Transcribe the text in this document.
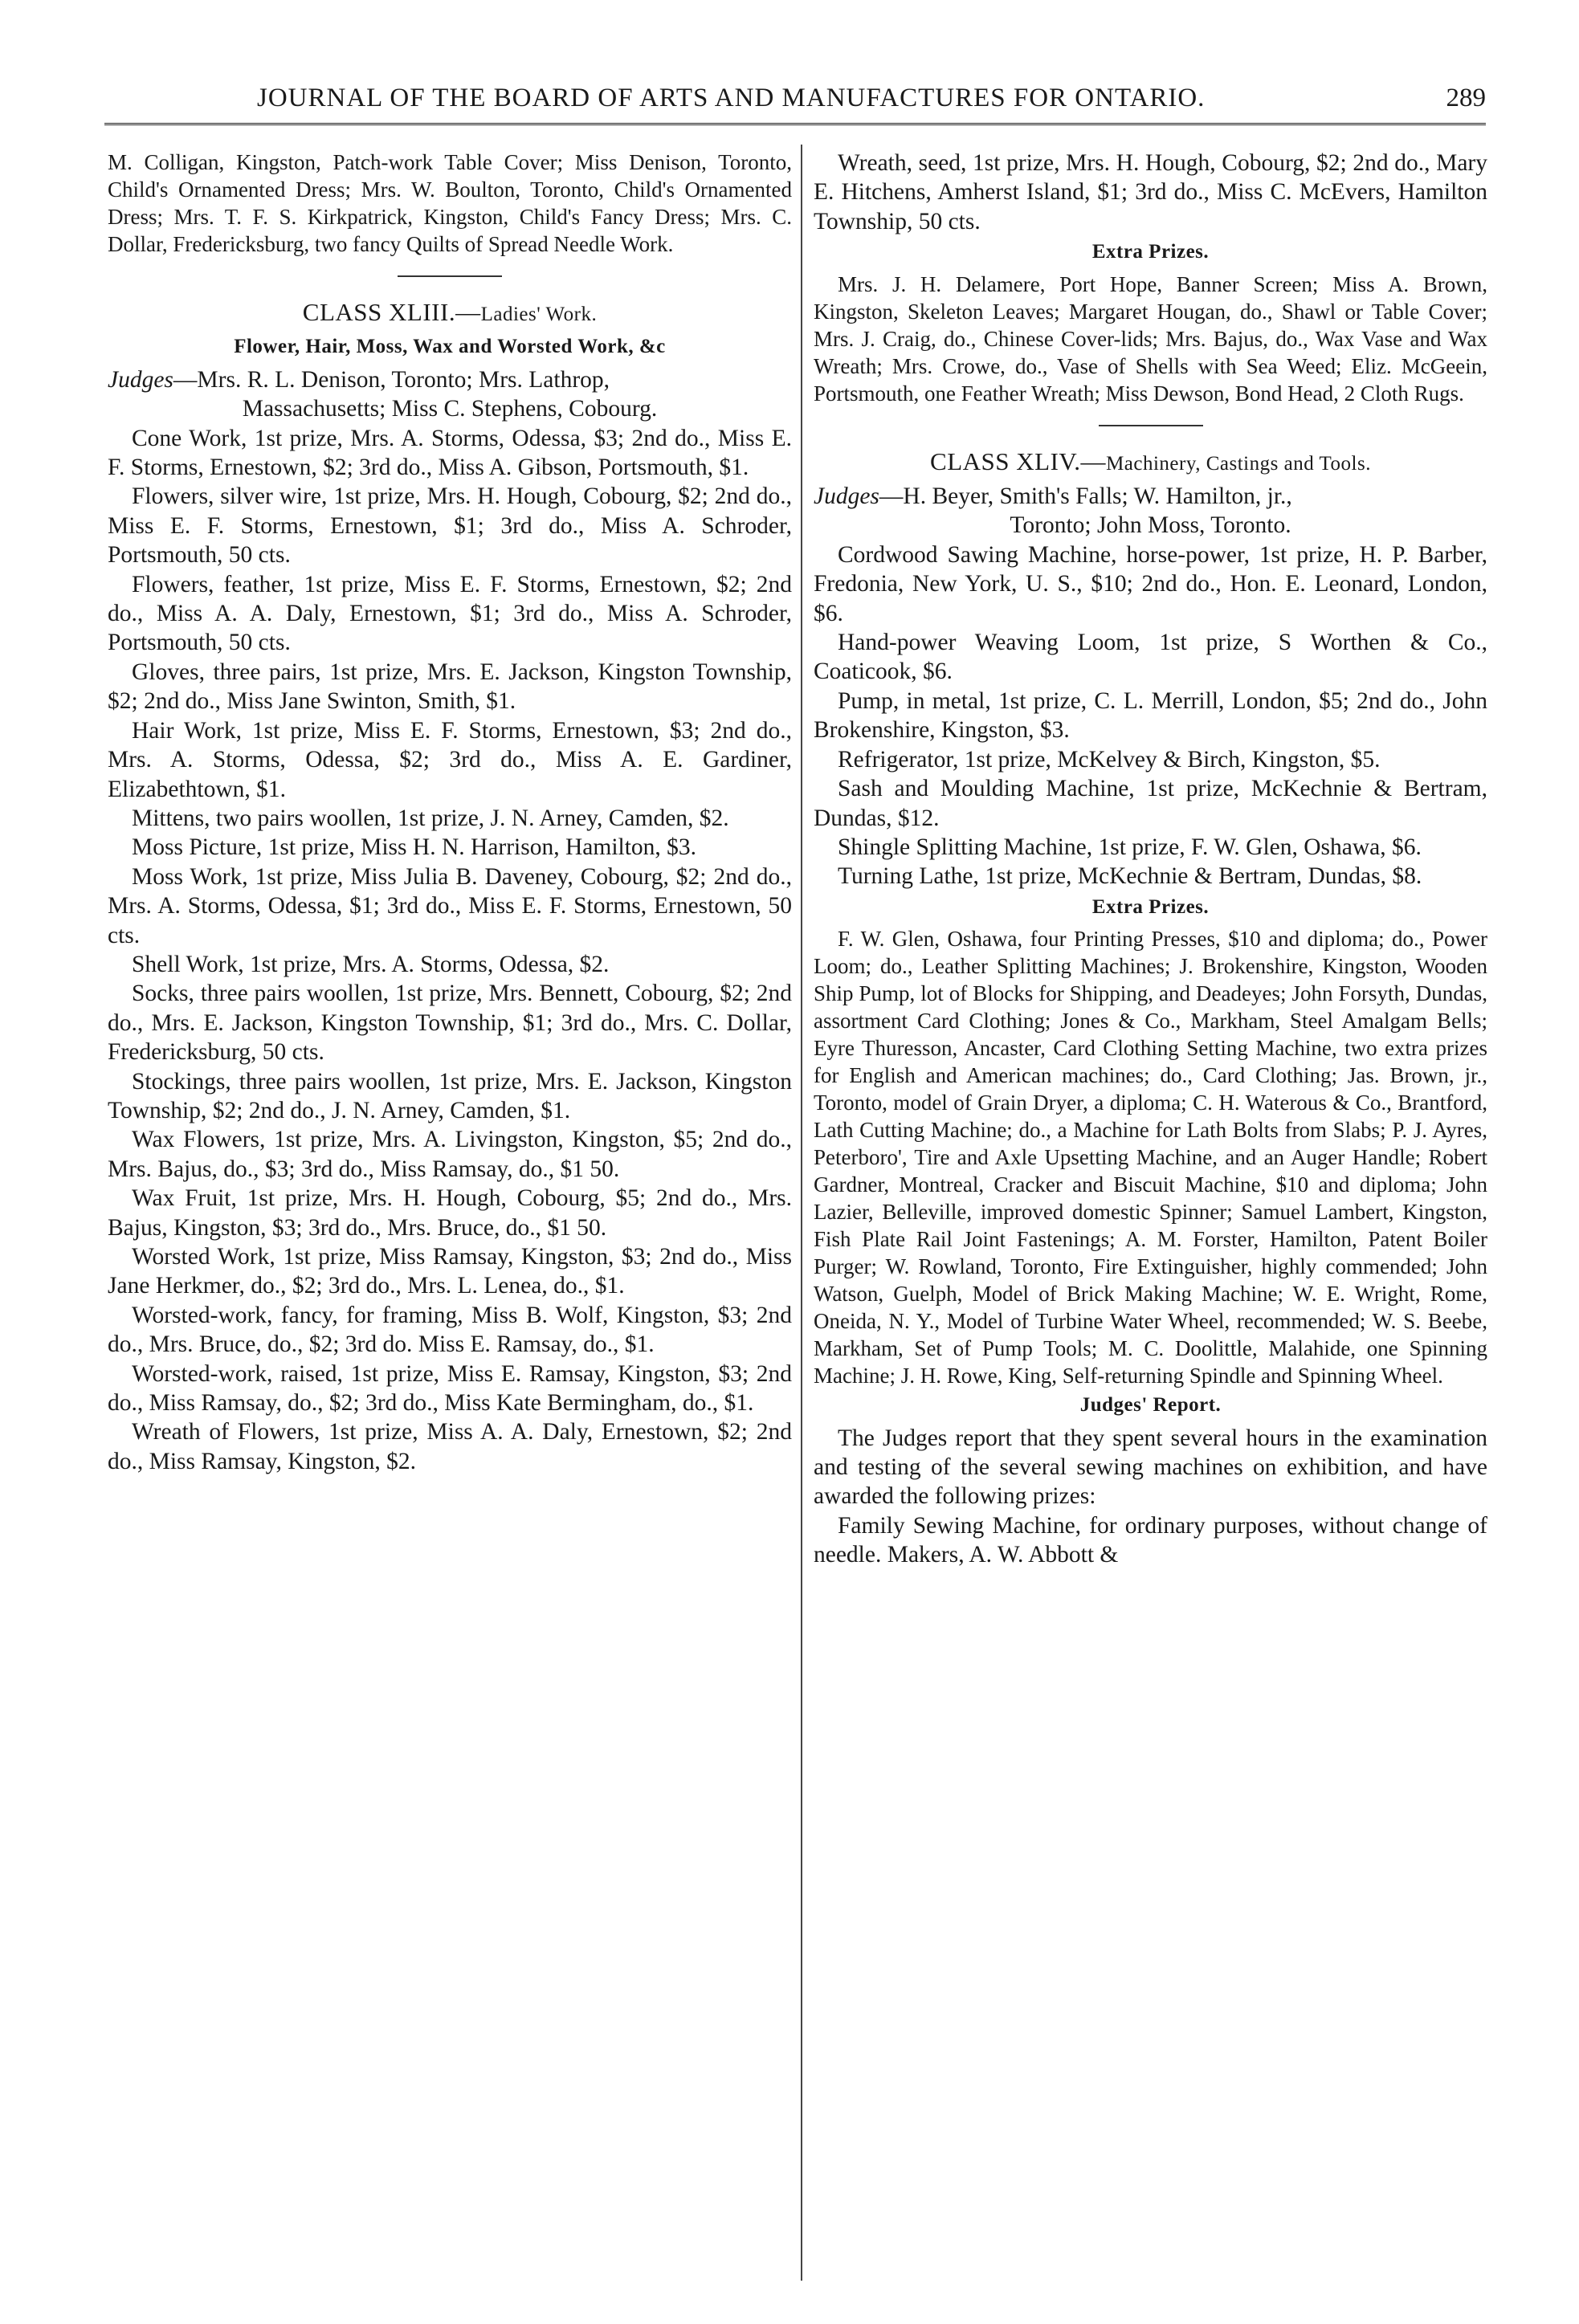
JOURNAL OF THE BOARD OF ARTS AND MANUFACTURES FOR ONTARIO.	289

M. Colligan, Kingston, Patch-work Table Cover; Miss Denison, Toronto, Child's Ornamented Dress; Mrs. W. Boulton, Toronto, Child's Ornamented Dress; Mrs. T. F. S. Kirkpatrick, Kingston, Child's Fancy Dress; Mrs. C. Dollar, Fredericksburg, two fancy Quilts of Spread Needle Work.

CLASS XLIII.—Ladies' Work.
Flower, Hair, Moss, Wax and Worsted Work, &c

Judges—Mrs. R. L. Denison, Toronto; Mrs. Lathrop,

Massachusetts; Miss C. Stephens, Cobourg.

Cone Work, 1st prize, Mrs. A. Storms, Odessa, $3; 2nd do., Miss E. F. Storms, Ernestown, $2; 3rd do., Miss A. Gibson, Portsmouth, $1.

Flowers, silver wire, 1st prize, Mrs. H. Hough, Cobourg, $2; 2nd do., Miss E. F. Storms, Ernestown, $1; 3rd do., Miss A. Schroder, Portsmouth, 50 cts.

Flowers, feather, 1st prize, Miss E. F. Storms, Ernestown, $2; 2nd do., Miss A. A. Daly, Ernestown, $1; 3rd do., Miss A. Schroder, Portsmouth, 50 cts.

Gloves, three pairs, 1st prize, Mrs. E. Jackson, Kingston Township, $2; 2nd do., Miss Jane Swinton, Smith, $1.

Hair Work, 1st prize, Miss E. F. Storms, Ernestown, $3; 2nd do., Mrs. A. Storms, Odessa, $2; 3rd do., Miss A. E. Gardiner, Elizabethtown, $1.

Mittens, two pairs woollen, 1st prize, J. N. Arney, Camden, $2.

Moss Picture, 1st prize, Miss H. N. Harrison, Hamilton, $3.

Moss Work, 1st prize, Miss Julia B. Daveney, Cobourg, $2; 2nd do., Mrs. A. Storms, Odessa, $1; 3rd do., Miss E. F. Storms, Ernestown, 50 cts.

Shell Work, 1st prize, Mrs. A. Storms, Odessa, $2.

Socks, three pairs woollen, 1st prize, Mrs. Bennett, Cobourg, $2; 2nd do., Mrs. E. Jackson, Kingston Township, $1; 3rd do., Mrs. C. Dollar, Fredericksburg, 50 cts.

Stockings, three pairs woollen, 1st prize, Mrs. E. Jackson, Kingston Township, $2; 2nd do., J. N. Arney, Camden, $1.

Wax Flowers, 1st prize, Mrs. A. Livingston, Kingston, $5; 2nd do., Mrs. Bajus, do., $3; 3rd do., Miss Ramsay, do., $1 50.

Wax Fruit, 1st prize, Mrs. H. Hough, Cobourg, $5; 2nd do., Mrs. Bajus, Kingston, $3; 3rd do., Mrs. Bruce, do., $1 50.

Worsted Work, 1st prize, Miss Ramsay, Kingston, $3; 2nd do., Miss Jane Herkmer, do., $2; 3rd do., Mrs. L. Lenea, do., $1.

Worsted-work, fancy, for framing, Miss B. Wolf, Kingston, $3; 2nd do., Mrs. Bruce, do., $2; 3rd do. Miss E. Ramsay, do., $1.

Worsted-work, raised, 1st prize, Miss E. Ramsay, Kingston, $3; 2nd do., Miss Ramsay, do., $2; 3rd do., Miss Kate Bermingham, do., $1.

Wreath of Flowers, 1st prize, Miss A. A. Daly, Ernestown, $2; 2nd do., Miss Ramsay, Kingston, $2.

Wreath, seed, 1st prize, Mrs. H. Hough, Cobourg, $2; 2nd do., Mary E. Hitchens, Amherst Island, $1; 3rd do., Miss C. McEvers, Hamilton Township, 50 cts.

Extra Prizes.

Mrs. J. H. Delamere, Port Hope, Banner Screen; Miss A. Brown, Kingston, Skeleton Leaves; Margaret Hougan, do., Shawl or Table Cover; Mrs. J. Craig, do., Chinese Cover-lids; Mrs. Bajus, do., Wax Vase and Wax Wreath; Mrs. Crowe, do., Vase of Shells with Sea Weed; Eliz. McGeein, Portsmouth, one Feather Wreath; Miss Dewson, Bond Head, 2 Cloth Rugs.

CLASS XLIV.—Machinery, Castings and Tools.

Judges—H. Beyer, Smith's Falls; W. Hamilton, jr.,

Toronto; John Moss, Toronto.

Cordwood Sawing Machine, horse-power, 1st prize, H. P. Barber, Fredonia, New York, U. S., $10; 2nd do., Hon. E. Leonard, London, $6.

Hand-power Weaving Loom, 1st prize, S Worthen & Co., Coaticook, $6.

Pump, in metal, 1st prize, C. L. Merrill, London, $5; 2nd do., John Brokenshire, Kingston, $3.

Refrigerator, 1st prize, McKelvey & Birch, Kingston, $5.

Sash and Moulding Machine, 1st prize, McKechnie & Bertram, Dundas, $12.

Shingle Splitting Machine, 1st prize, F. W. Glen, Oshawa, $6.

Turning Lathe, 1st prize, McKechnie & Bertram, Dundas, $8.

Extra Prizes.

F. W. Glen, Oshawa, four Printing Presses, $10 and diploma; do., Power Loom; do., Leather Splitting Machines; J. Brokenshire, Kingston, Wooden Ship Pump, lot of Blocks for Shipping, and Deadeyes; John Forsyth, Dundas, assortment Card Clothing; Jones & Co., Markham, Steel Amalgam Bells; Eyre Thuresson, Ancaster, Card Clothing Setting Machine, two extra prizes for English and American machines; do., Card Clothing; Jas. Brown, jr., Toronto, model of Grain Dryer, a diploma; C. H. Waterous & Co., Brantford, Lath Cutting Machine; do., a Machine for Lath Bolts from Slabs; P. J. Ayres, Peterboro', Tire and Axle Upsetting Machine, and an Auger Handle; Robert Gardner, Montreal, Cracker and Biscuit Machine, $10 and diploma; John Lazier, Belleville, improved domestic Spinner; Samuel Lambert, Kingston, Fish Plate Rail Joint Fastenings; A. M. Forster, Hamilton, Patent Boiler Purger; W. Rowland, Toronto, Fire Extinguisher, highly commended; John Watson, Guelph, Model of Brick Making Machine; W. E. Wright, Rome, Oneida, N. Y., Model of Turbine Water Wheel, recommended; W. S. Beebe, Markham, Set of Pump Tools; M. C. Doolittle, Malahide, one Spinning Machine; J. H. Rowe, King, Self-returning Spindle and Spinning Wheel.

Judges' Report.

The Judges report that they spent several hours in the examination and testing of the several sewing machines on exhibition, and have awarded the following prizes:

Family Sewing Machine, for ordinary purposes, without change of needle. Makers, A. W. Abbott &
